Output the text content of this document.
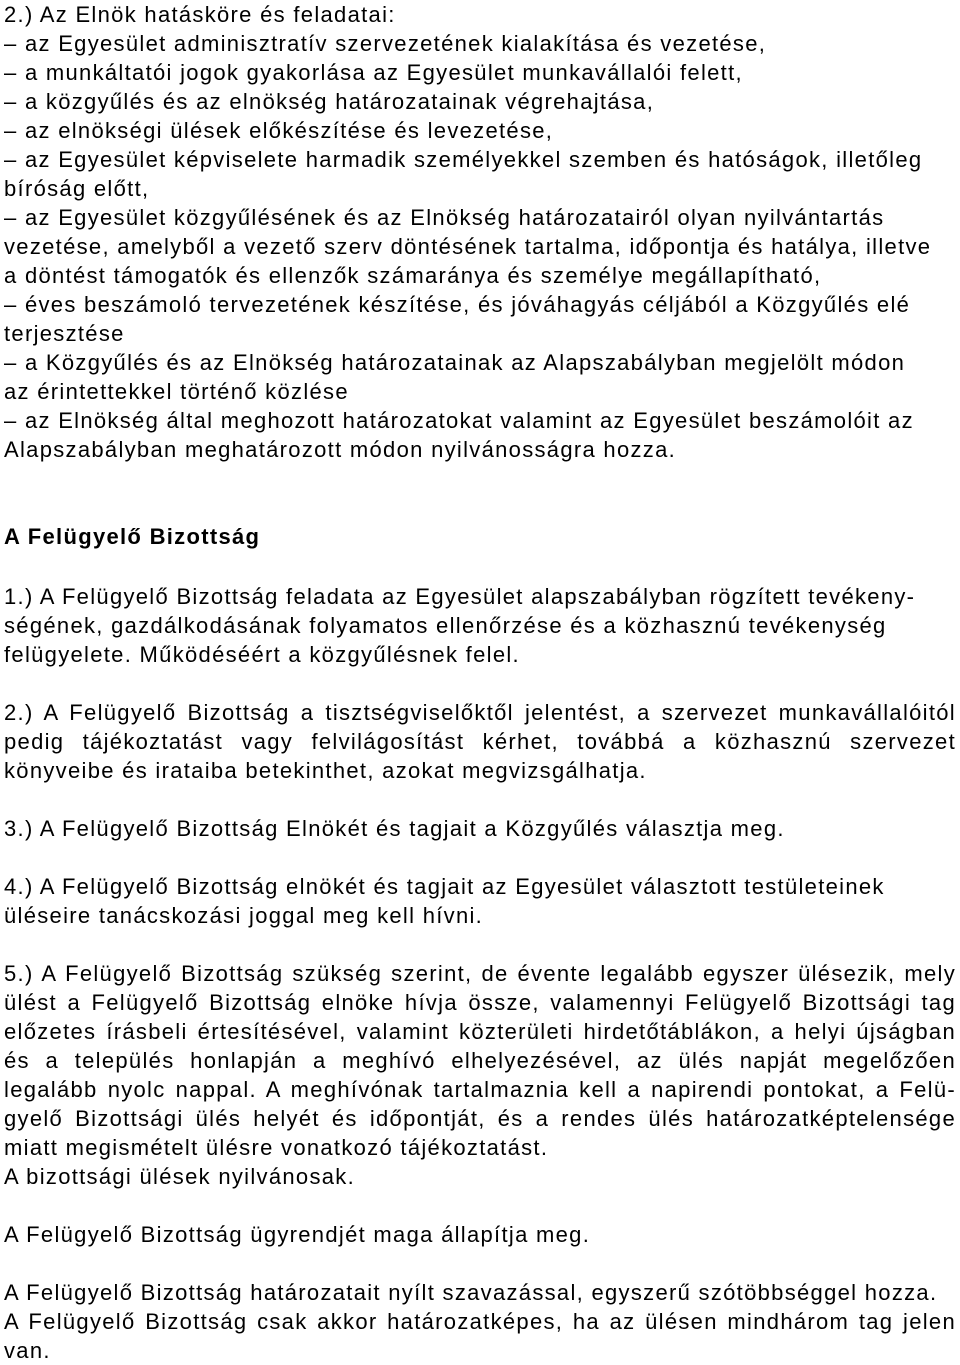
2.) Az Elnök hatásköre és feladatai:
– az Egyesület adminisztratív szervezetének kialakítása és vezetése,
– a munkáltatói jogok gyakorlása az Egyesület munkavállalói felett,
– a közgyűlés és az elnökség határozatainak végrehajtása,
– az elnökségi ülések előkészítése és levezetése,
– az Egyesület képviselete harmadik személyekkel szemben és hatóságok, illetőleg
bíróság előtt,
– az Egyesület közgyűlésének és az Elnökség határozatairól olyan nyilvántartás
vezetése, amelyből a vezető szerv döntésének tartalma, időpontja és hatálya, illetve
a döntést támogatók és ellenzők számaránya és személye megállapítható,
– éves beszámoló tervezetének készítése, és jóváhagyás céljából a Közgyűlés elé
terjesztése
– a Közgyűlés és az Elnökség határozatainak az Alapszabályban megjelölt módon
az érintettekkel történő közlése
– az Elnökség által meghozott határozatokat valamint az Egyesület beszámolóit az
Alapszabályban meghatározott módon nyilvánosságra hozza.
A Felügyelő Bizottság
1.) A Felügyelő Bizottság feladata az Egyesület alapszabályban rögzített tevékeny-
ségének, gazdálkodásának folyamatos ellenőrzése és a közhasznú tevékenység
felügyelete. Működéséért a közgyűlésnek felel.
2.) A Felügyelő Bizottság a tisztségviselőktől jelentést, a szervezet munkavállalóitól
pedig tájékoztatást vagy felvilágosítást kérhet, továbbá a közhasznú szervezet
könyveibe és irataiba betekinthet, azokat megvizsgálhatja.
3.) A Felügyelő Bizottság Elnökét és tagjait a Közgyűlés választja meg.
4.) A Felügyelő Bizottság elnökét és tagjait az Egyesület választott testületeinek
üléseire tanácskozási joggal meg kell hívni.
5.) A Felügyelő Bizottság szükség szerint, de évente legalább egyszer ülésezik, mely
ülést a Felügyelő Bizottság elnöke hívja össze, valamennyi Felügyelő Bizottsági tag
előzetes írásbeli értesítésével, valamint közterületi hirdetőtáblákon, a helyi újságban
és a település honlapján a meghívó elhelyezésével, az ülés napját megelőzően
legalább nyolc nappal. A meghívónak tartalmaznia kell a napirendi pontokat, a Felü-
gyelő Bizottsági ülés helyét és időpontját, és a rendes ülés határozatképtelensége
miatt megismételt ülésre vonatkozó tájékoztatást.
A bizottsági ülések nyilvánosak.
A Felügyelő Bizottság ügyrendjét maga állapítja meg.
A Felügyelő Bizottság határozatait nyílt szavazással, egyszerű szótöbbséggel hozza.
A Felügyelő Bizottság csak akkor határozatképes, ha az ülésen mindhárom tag jelen
van.
